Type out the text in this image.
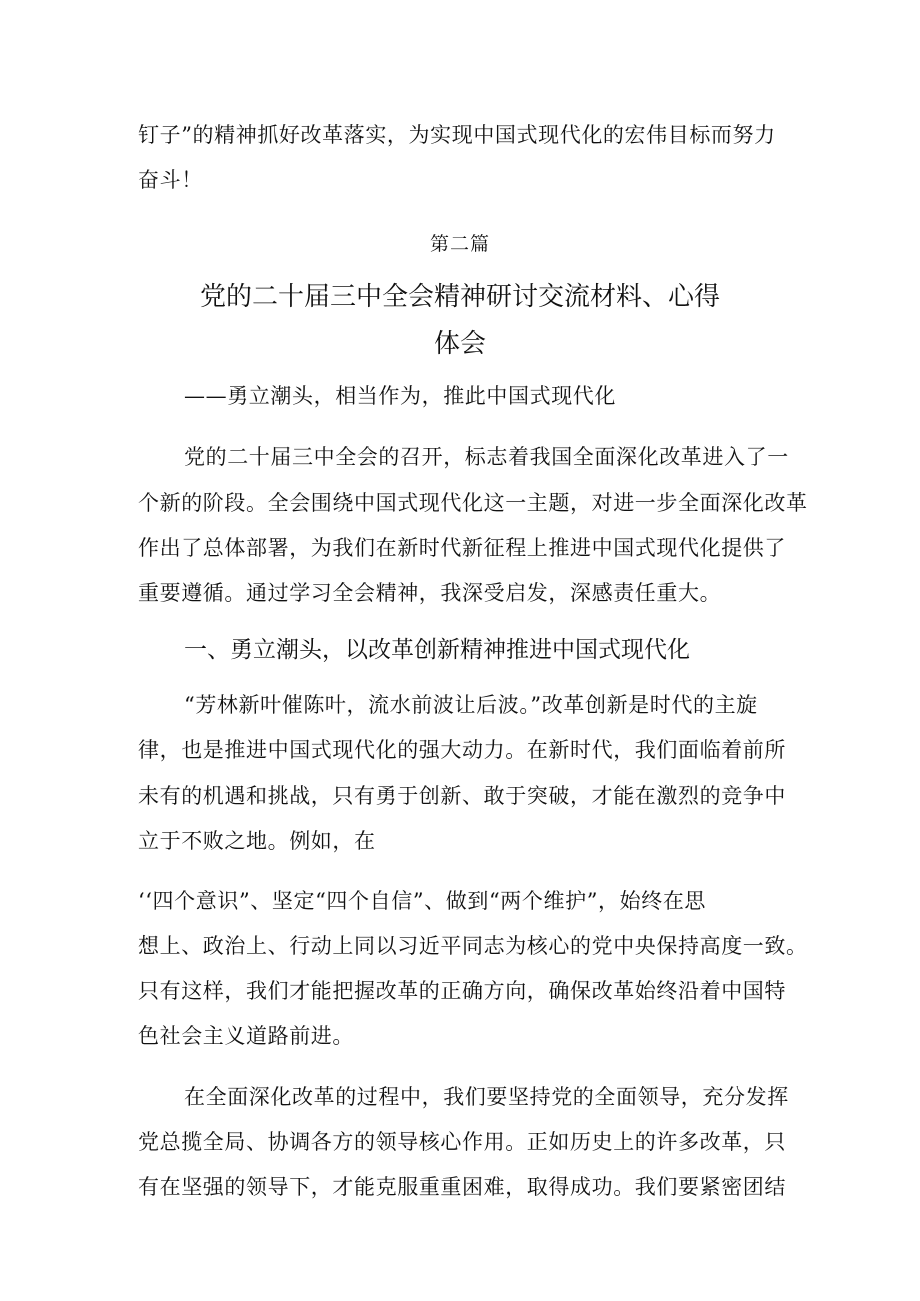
钉子”的精神抓好改革落实，为实现中国式现代化的宏伟目标而努力
奋斗！
第二篇
党的二十届三中全会精神研讨交流材料、心得
体会
——勇立潮头，相当作为，推此中国式现代化
党的二十届三中全会的召开，标志着我国全面深化改革进入了一
个新的阶段。全会围绕中国式现代化这一主题，对进一步全面深化改革
作出了总体部署，为我们在新时代新征程上推进中国式现代化提供了
重要遵循。通过学习全会精神，我深受启发，深感责任重大。
一、勇立潮头，以改革创新精神推进中国式现代化
“芳林新叶催陈叶，流水前波让后波。”改革创新是时代的主旋
律，也是推进中国式现代化的强大动力。在新时代，我们面临着前所
未有的机遇和挑战，只有勇于创新、敢于突破，才能在激烈的竞争中
立于不败之地。例如，在
‘‘四个意识”、坚定“四个自信”、做到“两个维护”，始终在思
想上、政治上、行动上同以习近平同志为核心的党中央保持高度一致。
只有这样，我们才能把握改革的正确方向，确保改革始终沿着中国特
色社会主义道路前进。
在全面深化改革的过程中，我们要坚持党的全面领导，充分发挥
党总揽全局、协调各方的领导核心作用。正如历史上的许多改革，只
有在坚强的领导下，才能克服重重困难，取得成功。我们要紧密团结
